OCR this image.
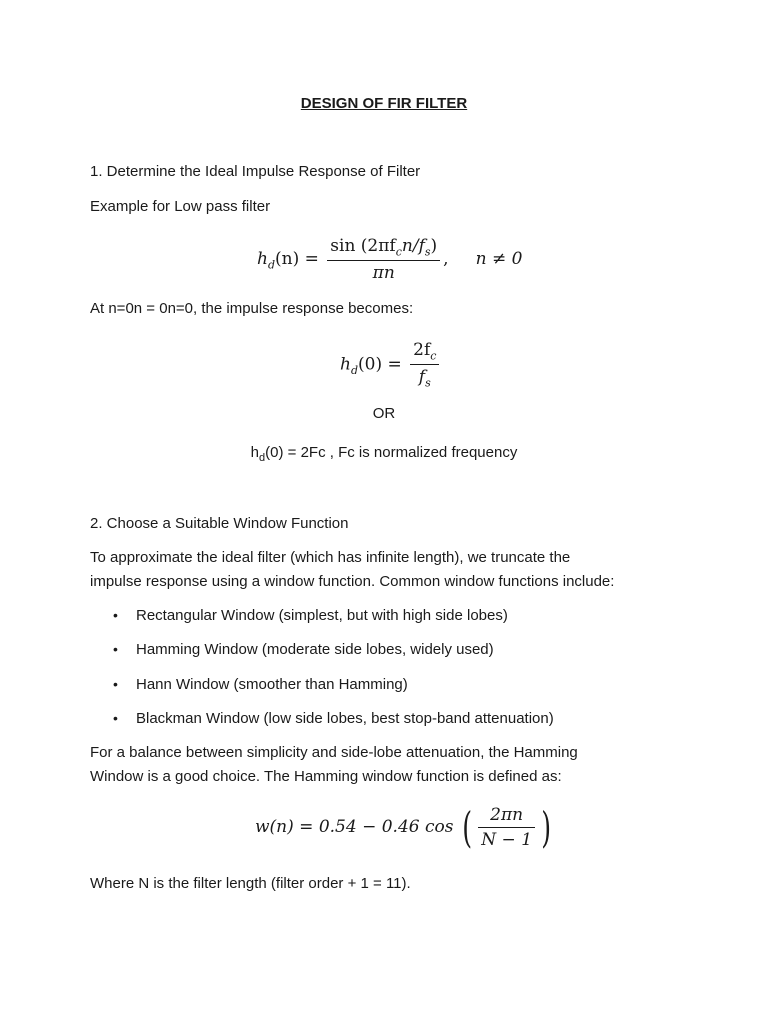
DESIGN OF FIR FILTER
1. Determine the Ideal Impulse Response of Filter
Example for Low pass filter
$h_d(n) = \frac{\sin (2\pi f_cn/f_s)}{\pi n}$ ,     n ≠ 0
At n=0n = 0n=0, the impulse response becomes:
$h_d(0) = \frac{2f_c}{f_s}$
OR
$h_d(0) = 2Fc$ , Fc is normalized frequency
2. Choose a Suitable Window Function
To approximate the ideal filter (which has infinite length), we truncate the
impulse response using a window function. Common window functions include:
• Rectangular Window (simplest, but with high side lobes)
• Hamming Window (moderate side lobes, widely used)
• Hann Window (smoother than Hamming)
• Blackman Window (low side lobes, best stop-band attenuation)
For a balance between simplicity and side-lobe attenuation, the Hamming
Window is a good choice. The Hamming window function is defined as:
w(n) = 0.54 − 0.46 cos ( $\frac{2\pi n}{N - 1}$ )
Where N is the filter length (filter order + 1 = 11).
